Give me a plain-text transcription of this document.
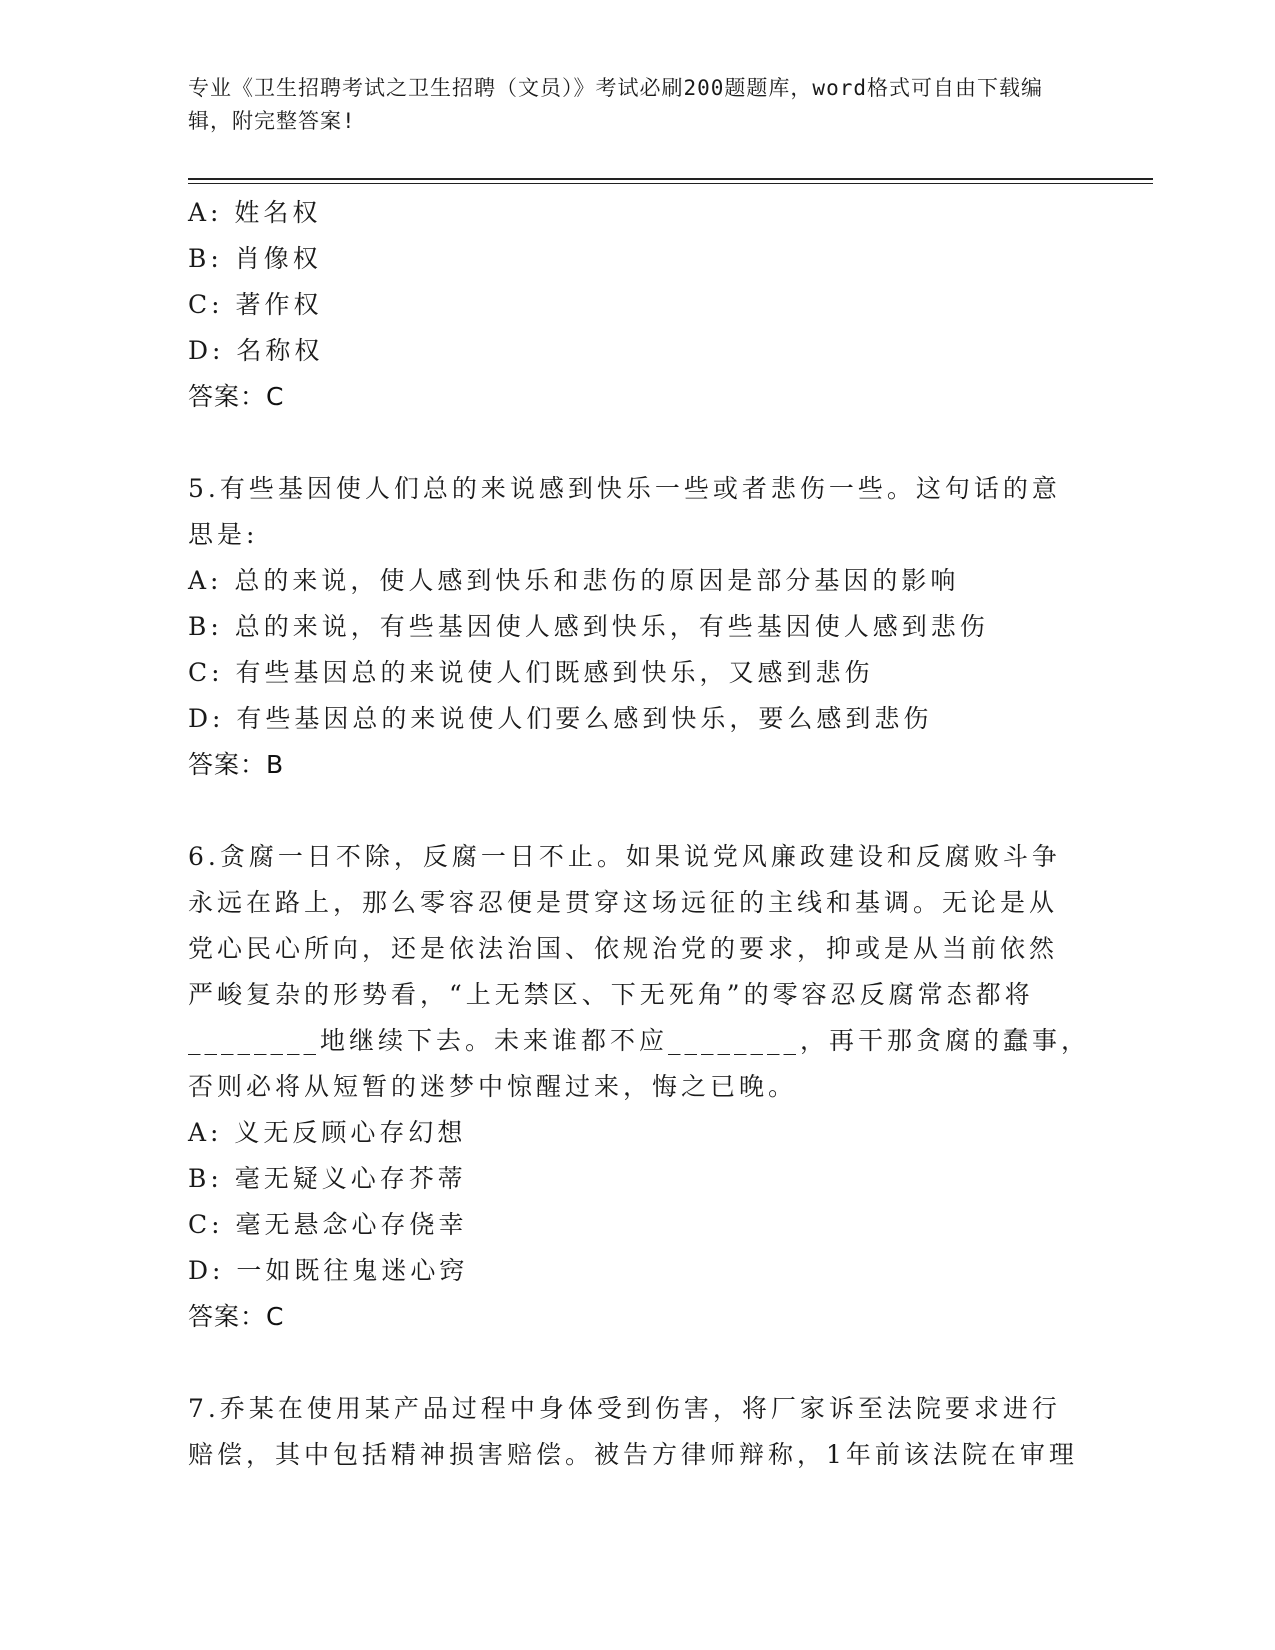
专业《卫生招聘考试之卫生招聘（文员）》考试必刷200题题库，word格式可自由下载编辑，附完整答案!
A: 姓名权
B: 肖像权
C: 著作权
D: 名称权
答案：C
5.有些基因使人们总的来说感到快乐一些或者悲伤一些。这句话的意
思是:
A: 总的来说，使人感到快乐和悲伤的原因是部分基因的影响
B: 总的来说，有些基因使人感到快乐，有些基因使人感到悲伤
C: 有些基因总的来说使人们既感到快乐，又感到悲伤
D: 有些基因总的来说使人们要么感到快乐，要么感到悲伤
答案：B
6.贪腐一日不除，反腐一日不止。如果说党风廉政建设和反腐败斗争
永远在路上，那么零容忍便是贯穿这场远征的主线和基调。无论是从
党心民心所向，还是依法治国、依规治党的要求，抑或是从当前依然
严峻复杂的形势看，“上无禁区、下无死角”的零容忍反腐常态都将
________地继续下去。未来谁都不应________，再干那贪腐的蠢事，
否则必将从短暂的迷梦中惊醒过来，悔之已晚。
A: 义无反顾心存幻想
B: 毫无疑义心存芥蒂
C: 毫无悬念心存侥幸
D: 一如既往鬼迷心窍
答案：C
7.乔某在使用某产品过程中身体受到伤害，将厂家诉至法院要求进行
赔偿，其中包括精神损害赔偿。被告方律师辩称，1年前该法院在审理
